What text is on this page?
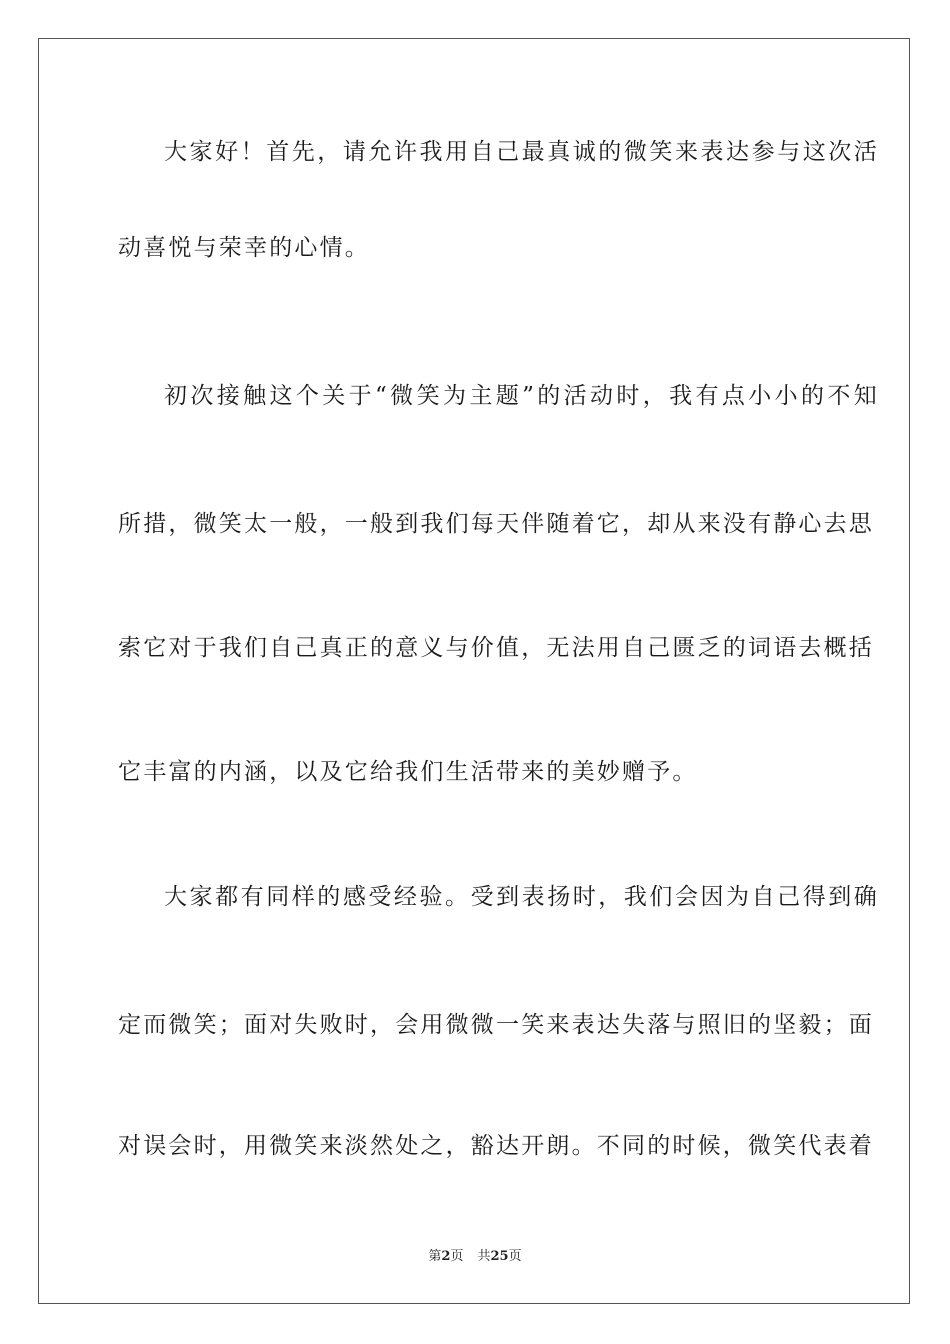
大家好！首先，请允许我用自己最真诚的微笑来表达参与这次活
动喜悦与荣幸的心情。
初次接触这个关于“微笑为主题”的活动时，我有点小小的不知
所措，微笑太一般，一般到我们每天伴随着它，却从来没有静心去思
索它对于我们自己真正的意义与价值，无法用自己匮乏的词语去概括
它丰富的内涵，以及它给我们生活带来的美妙赠予。
大家都有同样的感受经验。受到表扬时，我们会因为自己得到确
定而微笑；面对失败时，会用微微一笑来表达失落与照旧的坚毅；面
对误会时，用微笑来淡然处之，豁达开朗。不同的时候，微笑代表着
第2页 共25页
